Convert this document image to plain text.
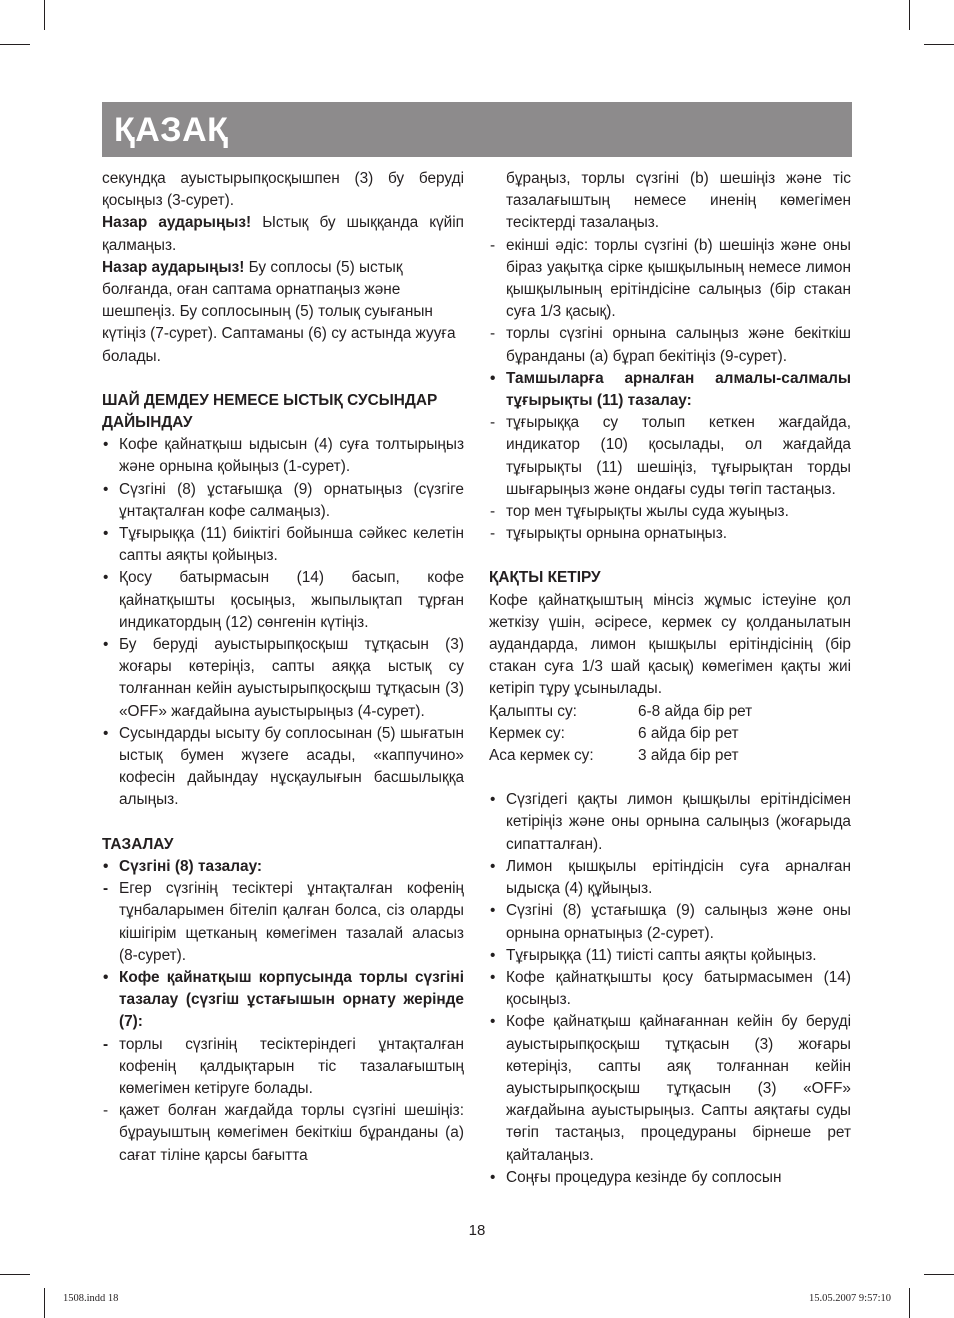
ҚАЗАҚ

секундқа ауыстырыпқосқышпен (3) бу беруді қосыңыз (3-сурет).

Назар аударыңыз! Ыстық бу шыққанда күйіп қалмаңыз.

Назар аударыңыз! Бу соплосы (5) ыстық болғанда, оған саптама орнатпаңыз және шешпеңіз. Бу соплосының (5) толық суығанын күтіңіз (7-сурет). Саптаманы (6) су астында жууға болады.

ШАЙ ДЕМДЕУ НЕМЕСЕ ЫСТЫҚ СУСЫНДАР ДАЙЫНДАУ

• Кофе қайнатқыш ыдысын (4) суға толтырыңыз және орнына қойыңыз (1-сурет).

• Сүзгіні (8) ұстағышқа (9) орнатыңыз (сүзгіге ұнтақталған кофе салмаңыз).

• Тұғырыққа (11) биіктігі бойынша сәйкес келетін сапты аяқты қойыңыз.

• Қосу батырмасын (14) басып, кофе қайнатқышты қосыңыз, жыпылықтап тұрған индикатордың (12) сөнгенін күтіңіз.

• Бу беруді ауыстырыпқосқыш тұтқасын (3) жоғары көтеріңіз, сапты аяққа ыстық су толғаннан кейін ауыстырыпқосқыш тұтқасын (3) «OFF» жағдайына ауыстырыңыз (4-сурет).

• Сусындарды ысыту бу соплосынан (5) шығатын ыстық бумен жүзеге асады, «каппучино» кофесін дайындау нұсқаулығын басшылыққа алыңыз.

ТАЗАЛАУ

• Сүзгіні (8) тазалау:

- Егер сүзгінің тесіктері ұнтақталған кофенің тұнбаларымен бітеліп қалған болса, сіз оларды кішігірім щетканың көмегімен тазалай аласыз (8-сурет).

• Кофе қайнатқыш корпусында торлы сүзгіні тазалау (сүзгіш ұстағышын орнату жерінде (7):

- торлы сүзгінің тесіктеріндегі ұнтақталған кофенің қалдықтарын тіс тазалағыштың көмегімен кетіруге болады.

- қажет болған жағдайда торлы сүзгіні шешіңіз: бұрауыштың көмегімен бекіткіш бұранданы (а) сағат тіліне қарсы бағытта

бұраңыз, торлы сүзгіні (b) шешіңіз және тіс тазалағыштың немесе иненің көмегімен тесіктерді тазалаңыз.

- екінші әдіс: торлы сүзгіні (b) шешіңіз және оны біраз уақытқа сірке қышқылының немесе лимон қышқылының ерітіндісіне салыңыз (бір стакан суға 1/3 қасық).

- торлы сүзгіні орнына салыңыз және бекіткіш бұранданы (а) бұрап бекітіңіз (9-сурет).

• Тамшыларға арналған алмалы-салмалы тұғырықты (11) тазалау:

- тұғырыққа су толып кеткен жағдайда, индикатор (10) қосылады, ол жағдайда тұғырықты (11) шешіңіз, тұғырықтан торды шығарыңыз және ондағы суды төгіп тастаңыз.

- тор мен тұғырықты жылы суда жуыңыз.

- тұғырықты орнына орнатыңыз.

ҚАҚТЫ КЕТІРУ

Кофе қайнатқыштың мінсіз жұмыс істеуіне қол жеткізу үшін, әсіресе, кермек су қолданылатын аудандарда, лимон қышқылы ерітіндісінің (бір стакан суға 1/3 шай қасық) көмегімен қақты жиі кетіріп тұру ұсынылады.

Қалыпты су:	6-8 айда бір рет
Кермек су:	6 айда бір рет
Аса кермек су:	3 айда бір рет

• Сүзгідегі қақты лимон қышқылы ерітіндісімен кетіріңіз және оны орнына салыңыз (жоғарыда сипатталған).

• Лимон қышқылы ерітіндісін суға арналған ыдысқа (4) құйыңыз.

• Сүзгіні (8) ұстағышқа (9) салыңыз және оны орнына орнатыңыз (2-сурет).

• Тұғырыққа (11) тиісті сапты аяқты қойыңыз.

• Кофе қайнатқышты қосу батырмасымен (14) қосыңыз.

• Кофе қайнатқыш қайнағаннан кейін бу беруді ауыстырыпқосқыш тұтқасын (3) жоғары көтеріңіз, сапты аяқ толғаннан кейін ауыстырыпқосқыш тұтқасын (3) «OFF» жағдайына ауыстырыңыз. Сапты аяқтағы суды төгіп тастаңыз, процедураны бірнеше рет қайталаңыз.

• Соңғы процедура кезінде бу соплосын

18
1508.indd 18	15.05.2007 9:57:10
